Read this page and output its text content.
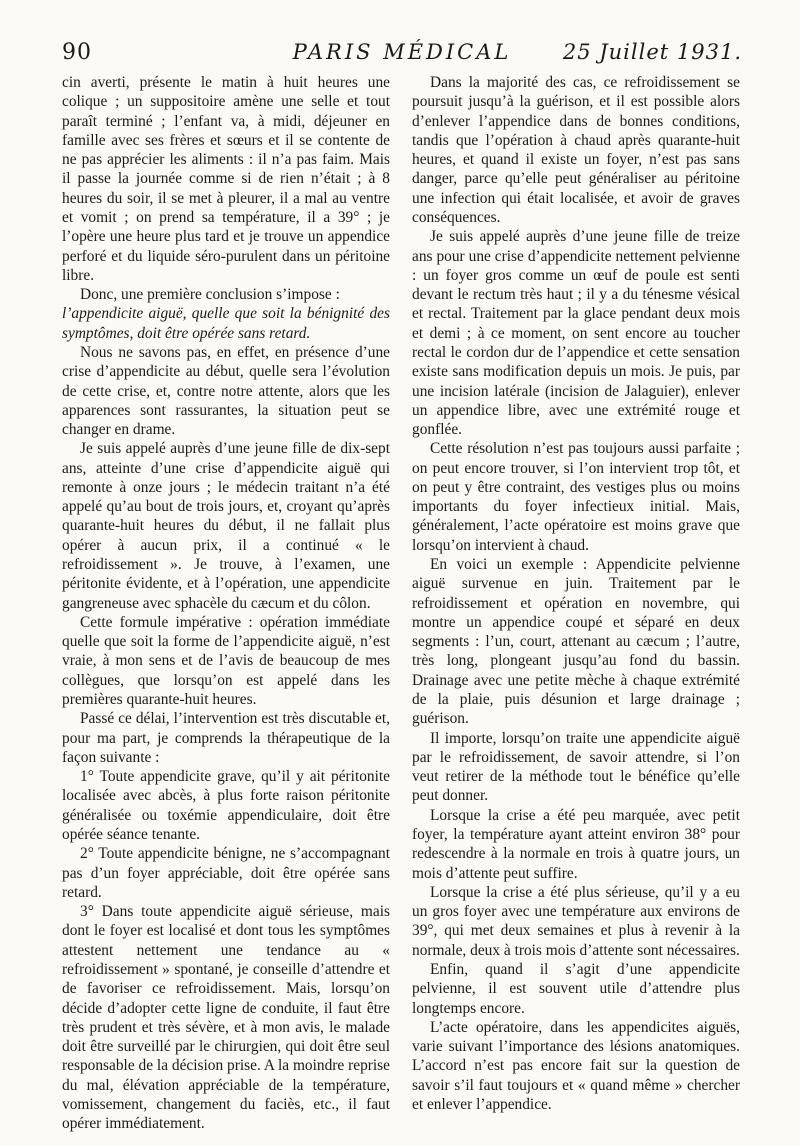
90	PARIS MÉDICAL	25 Juillet 1931.

cin averti, présente le matin à huit heures une colique ; un suppositoire amène une selle et tout paraît terminé ; l’enfant va, à midi, déjeuner en famille avec ses frères et sœurs et il se contente de ne pas apprécier les aliments : il n’a pas faim. Mais il passe la journée comme si de rien n’était ; à 8 heures du soir, il se met à pleurer, il a mal au ventre et vomit ; on prend sa température, il a 39° ; je l’opère une heure plus tard et je trouve un appendice perforé et du liquide séro-purulent dans un péritoine libre.

Donc, une première conclusion s’impose :

l’appendicite aiguë, quelle que soit la bénignité des symptômes, doit être opérée sans retard.

Nous ne savons pas, en effet, en présence d’une crise d’appendicite au début, quelle sera l’évolution de cette crise, et, contre notre attente, alors que les apparences sont rassurantes, la situation peut se changer en drame.

Je suis appelé auprès d’une jeune fille de dix-sept ans, atteinte d’une crise d’appendicite aiguë qui remonte à onze jours ; le médecin traitant n’a été appelé qu’au bout de trois jours, et, croyant qu’après quarante-huit heures du début, il ne fallait plus opérer à aucun prix, il a continué « le refroidissement ». Je trouve, à l’examen, une péritonite évidente, et à l’opération, une appendicite gangreneuse avec sphacèle du cæcum et du côlon.

Cette formule impérative : opération immédiate quelle que soit la forme de l’appendicite aiguë, n’est vraie, à mon sens et de l’avis de beaucoup de mes collègues, que lorsqu’on est appelé dans les premières quarante-huit heures.

Passé ce délai, l’intervention est très discutable et, pour ma part, je comprends la thérapeutique de la façon suivante :

1° Toute appendicite grave, qu’il y ait péritonite localisée avec abcès, à plus forte raison péritonite généralisée ou toxémie appendiculaire, doit être opérée séance tenante.

2° Toute appendicite bénigne, ne s’accompagnant pas d’un foyer appréciable, doit être opérée sans retard.

3° Dans toute appendicite aiguë sérieuse, mais dont le foyer est localisé et dont tous les symptômes attestent nettement une tendance au « refroidissement » spontané, je conseille d’attendre et de favoriser ce refroidissement. Mais, lorsqu’on décide d’adopter cette ligne de conduite, il faut être très prudent et très sévère, et à mon avis, le malade doit être surveillé par le chirurgien, qui doit être seul responsable de la décision prise. A la moindre reprise du mal, élévation appréciable de la température, vomissement, changement du faciès, etc., il faut opérer immédiatement.

Dans la majorité des cas, ce refroidissement se poursuit jusqu’à la guérison, et il est possible alors d’enlever l’appendice dans de bonnes conditions, tandis que l’opération à chaud après quarante-huit heures, et quand il existe un foyer, n’est pas sans danger, parce qu’elle peut généraliser au péritoine une infection qui était localisée, et avoir de graves conséquences.

Je suis appelé auprès d’une jeune fille de treize ans pour une crise d’appendicite nettement pelvienne : un foyer gros comme un œuf de poule est senti devant le rectum très haut ; il y a du ténesme vésical et rectal. Traitement par la glace pendant deux mois et demi ; à ce moment, on sent encore au toucher rectal le cordon dur de l’appendice et cette sensation existe sans modification depuis un mois. Je puis, par une incision latérale (incision de Jalaguier), enlever un appendice libre, avec une extrémité rouge et gonflée.

Cette résolution n’est pas toujours aussi parfaite ; on peut encore trouver, si l’on intervient trop tôt, et on peut y être contraint, des vestiges plus ou moins importants du foyer infectieux initial. Mais, généralement, l’acte opératoire est moins grave que lorsqu’on intervient à chaud.

En voici un exemple : Appendicite pelvienne aiguë survenue en juin. Traitement par le refroidissement et opération en novembre, qui montre un appendice coupé et séparé en deux segments : l’un, court, attenant au cæcum ; l’autre, très long, plongeant jusqu’au fond du bassin. Drainage avec une petite mèche à chaque extrémité de la plaie, puis désunion et large drainage ; guérison.

Il importe, lorsqu’on traite une appendicite aiguë par le refroidissement, de savoir attendre, si l’on veut retirer de la méthode tout le bénéfice qu’elle peut donner.

Lorsque la crise a été peu marquée, avec petit foyer, la température ayant atteint environ 38° pour redescendre à la normale en trois à quatre jours, un mois d’attente peut suffire.

Lorsque la crise a été plus sérieuse, qu’il y a eu un gros foyer avec une température aux environs de 39°, qui met deux semaines et plus à revenir à la normale, deux à trois mois d’attente sont nécessaires.

Enfin, quand il s’agit d’une appendicite pelvienne, il est souvent utile d’attendre plus longtemps encore.

L’acte opératoire, dans les appendicites aiguës, varie suivant l’importance des lésions anatomiques. L’accord n’est pas encore fait sur la question de savoir s’il faut toujours et « quand même » chercher et enlever l’appendice.
